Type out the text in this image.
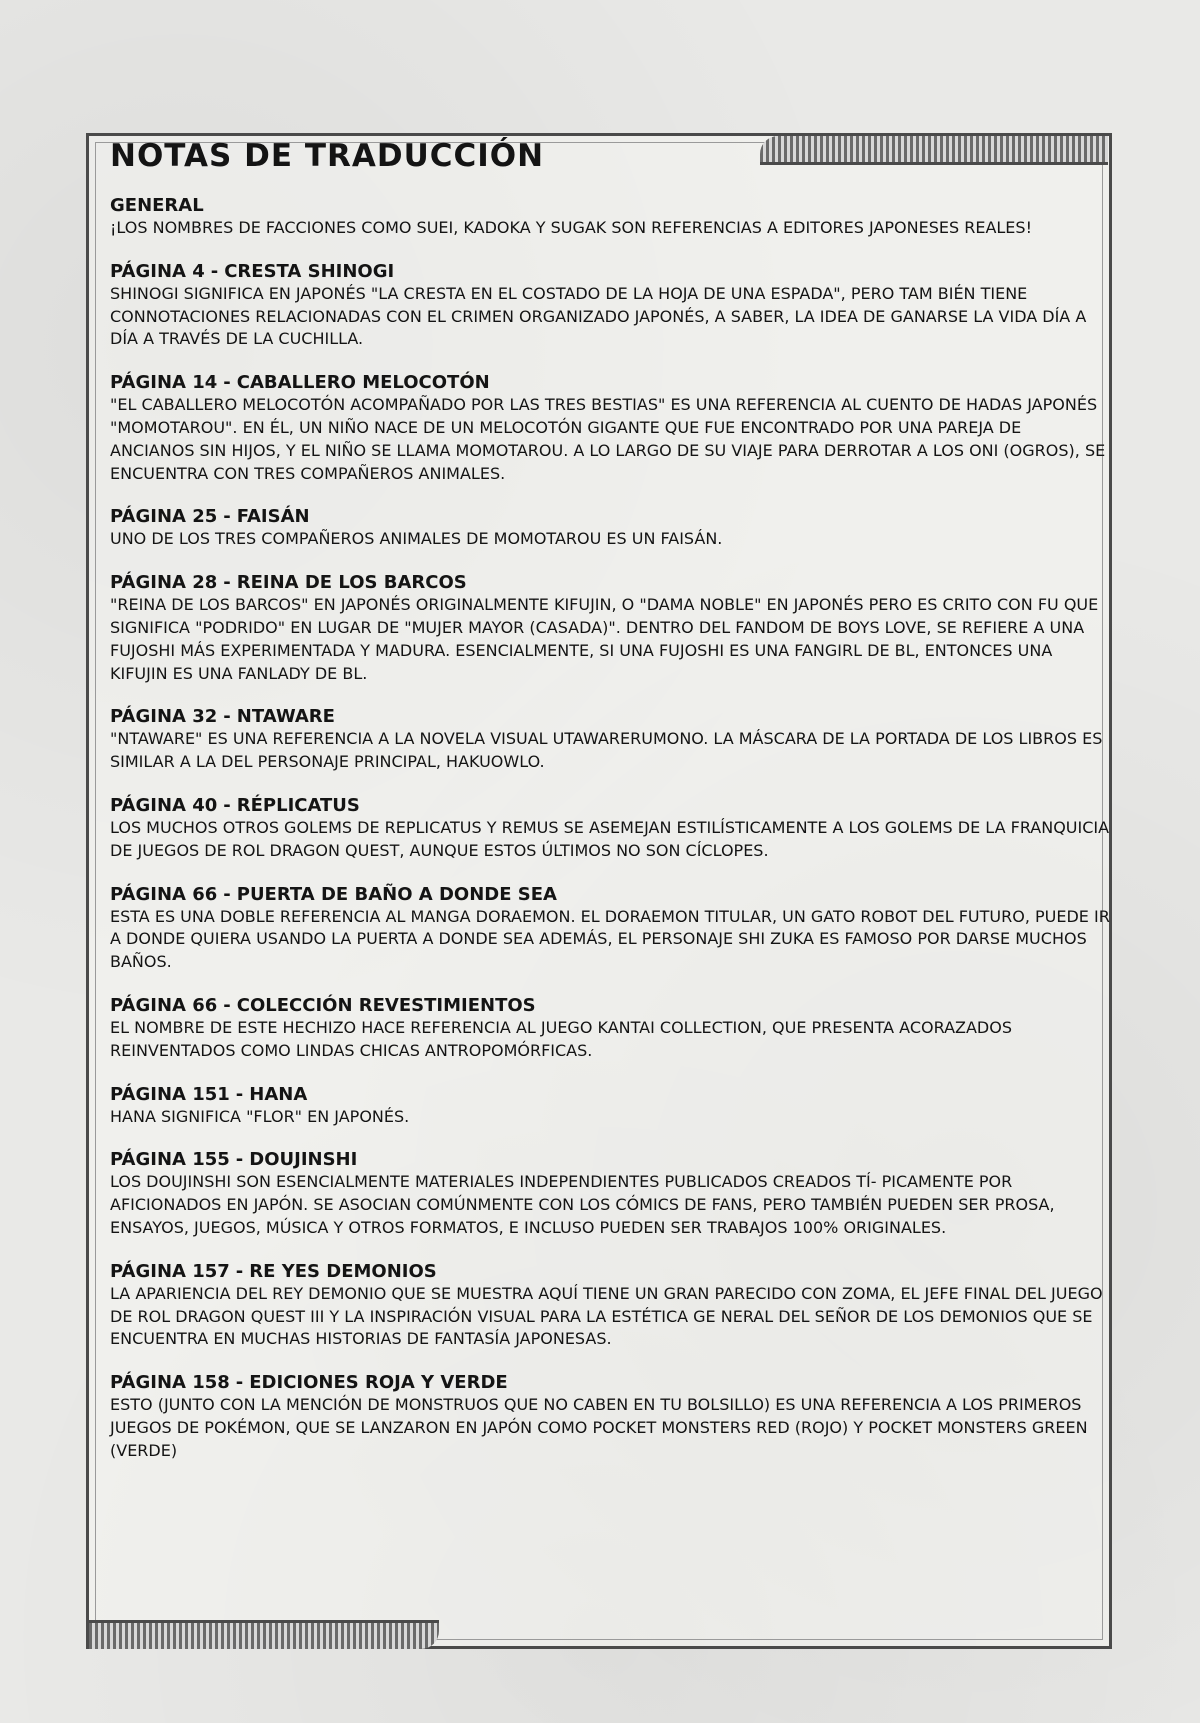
NOTAS DE TRADUCCIÓN
GENERAL
¡LOS NOMBRES DE FACCIONES COMO SUEI, KADOKA Y SUGAK SON REFERENCIAS A EDITORES JAPONESES REALES!
PÁGINA 4 - CRESTA SHINOGI
SHINOGI SIGNIFICA EN JAPONÉS "LA CRESTA EN EL COSTADO DE LA HOJA DE UNA ESPADA", PERO TAM BIÉN TIENE CONNOTACIONES RELACIONADAS CON EL CRIMEN ORGANIZADO JAPONÉS, A SABER, LA IDEA DE GANARSE LA VIDA DÍA A DÍA A TRAVÉS DE LA CUCHILLA.
PÁGINA 14 - CABALLERO MELOCOTÓN
"EL CABALLERO MELOCOTÓN ACOMPAÑADO POR LAS TRES BESTIAS" ES UNA REFERENCIA AL CUENTO DE HADAS JAPONÉS "MOMOTAROU". EN ÉL, UN NIÑO NACE DE UN MELOCOTÓN GIGANTE QUE FUE ENCONTRADO POR UNA PAREJA DE ANCIANOS SIN HIJOS, Y EL NIÑO SE LLAMA MOMOTAROU. A LO LARGO DE SU VIAJE PARA DERROTAR A LOS ONI (OGROS), SE ENCUENTRA CON TRES COMPAÑEROS ANIMALES.
PÁGINA 25 - FAISÁN
UNO DE LOS TRES COMPAÑEROS ANIMALES DE MOMOTAROU ES UN FAISÁN.
PÁGINA 28 - REINA DE LOS BARCOS
"REINA DE LOS BARCOS" EN JAPONÉS ORIGINALMENTE KIFUJIN, O "DAMA NOBLE" EN JAPONÉS PERO ES CRITO CON FU QUE SIGNIFICA "PODRIDO" EN LUGAR DE "MUJER MAYOR (CASADA)". DENTRO DEL FANDOM DE BOYS LOVE, SE REFIERE A UNA FUJOSHI MÁS EXPERIMENTADA Y MADURA. ESENCIALMENTE, SI UNA FUJOSHI ES UNA FANGIRL DE BL, ENTONCES UNA KIFUJIN ES UNA FANLADY DE BL.
PÁGINA 32 - NTAWARE
"NTAWARE" ES UNA REFERENCIA A LA NOVELA VISUAL UTAWARERUMONO. LA MÁSCARA DE LA PORTADA DE LOS LIBROS ES SIMILAR A LA DEL PERSONAJE PRINCIPAL, HAKUOWLO.
PÁGINA 40 - RÉPLICATUS
LOS MUCHOS OTROS GOLEMS DE REPLICATUS Y REMUS SE ASEMEJAN ESTILÍSTICAMENTE A LOS GOLEMS DE LA FRANQUICIA DE JUEGOS DE ROL DRAGON QUEST, AUNQUE ESTOS ÚLTIMOS NO SON CÍCLOPES.
PÁGINA 66 - PUERTA DE BAÑO A DONDE SEA
ESTA ES UNA DOBLE REFERENCIA AL MANGA DORAEMON. EL DORAEMON TITULAR, UN GATO ROBOT DEL FUTURO, PUEDE IR A DONDE QUIERA USANDO LA PUERTA A DONDE SEA ADEMÁS, EL PERSONAJE SHI ZUKA ES FAMOSO POR DARSE MUCHOS BAÑOS.
PÁGINA 66 - COLECCIÓN REVESTIMIENTOS
EL NOMBRE DE ESTE HECHIZO HACE REFERENCIA AL JUEGO KANTAI COLLECTION, QUE PRESENTA ACORAZADOS REINVENTADOS COMO LINDAS CHICAS ANTROPOMÓRFICAS.
PÁGINA 151 - HANA
HANA SIGNIFICA "FLOR" EN JAPONÉS.
PÁGINA 155 - DOUJINSHI
LOS DOUJINSHI SON ESENCIALMENTE MATERIALES INDEPENDIENTES PUBLICADOS CREADOS TÍ- PICAMENTE POR AFICIONADOS EN JAPÓN. SE ASOCIAN COMÚNMENTE CON LOS CÓMICS DE FANS, PERO TAMBIÉN PUEDEN SER PROSA, ENSAYOS, JUEGOS, MÚSICA Y OTROS FORMATOS, E INCLUSO PUEDEN SER TRABAJOS 100% ORIGINALES.
PÁGINA 157 - RE YES DEMONIOS
LA APARIENCIA DEL REY DEMONIO QUE SE MUESTRA AQUÍ TIENE UN GRAN PARECIDO CON ZOMA, EL JEFE FINAL DEL JUEGO DE ROL DRAGON QUEST III Y LA INSPIRACIÓN VISUAL PARA LA ESTÉTICA GE NERAL DEL SEÑOR DE LOS DEMONIOS QUE SE ENCUENTRA EN MUCHAS HISTORIAS DE FANTASÍA JAPONESAS.
PÁGINA 158 - EDICIONES ROJA Y VERDE
ESTO (JUNTO CON LA MENCIÓN DE MONSTRUOS QUE NO CABEN EN TU BOLSILLO) ES UNA REFERENCIA A LOS PRIMEROS JUEGOS DE POKÉMON, QUE SE LANZARON EN JAPÓN COMO POCKET MONSTERS RED (ROJO) Y POCKET MONSTERS GREEN (VERDE)
